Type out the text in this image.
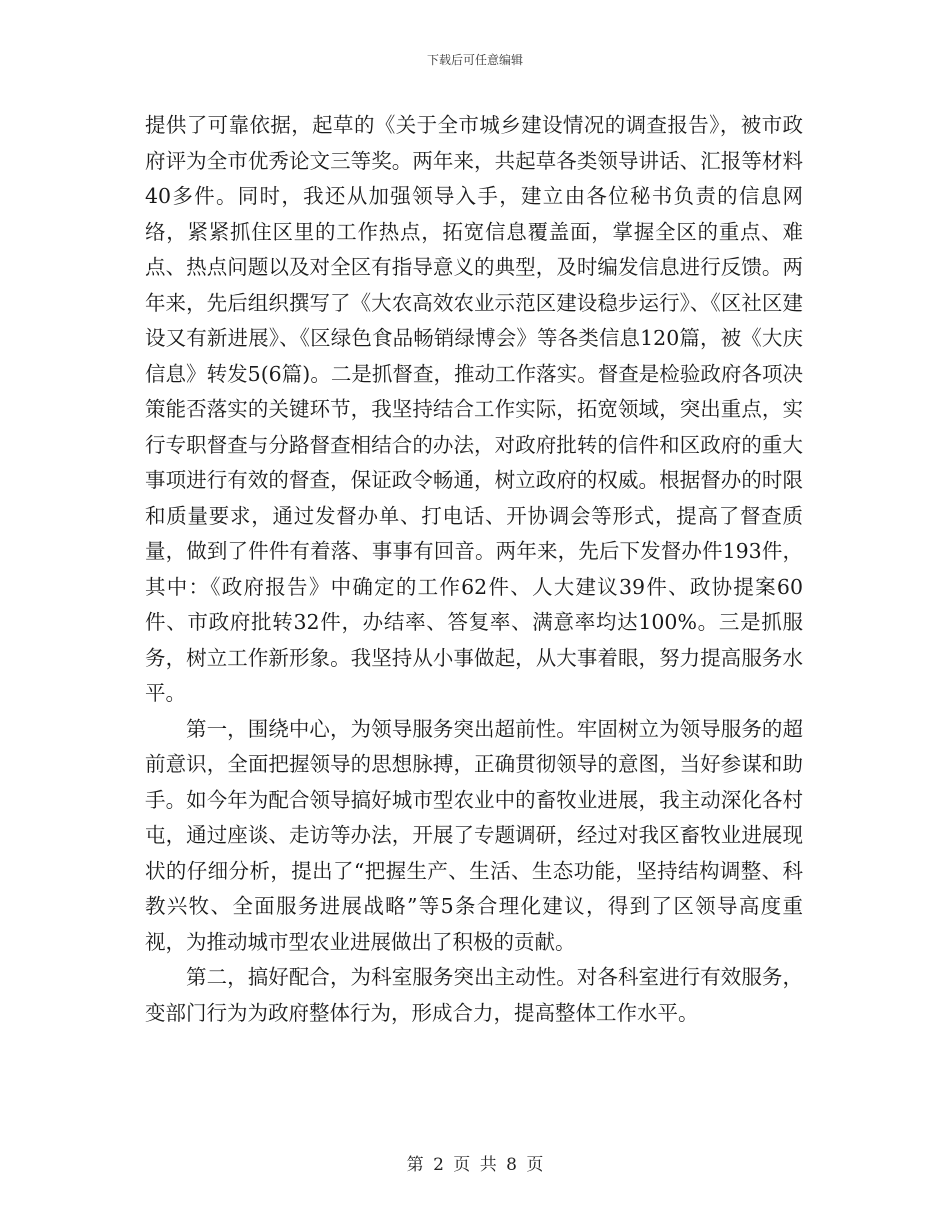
下载后可任意编辑

提供了可靠依据，起草的《关于全市城乡建设情况的调查报告》，被市政府评为全市优秀论文三等奖。两年来，共起草各类领导讲话、汇报等材料40多件。同时，我还从加强领导入手，建立由各位秘书负责的信息网络，紧紧抓住区里的工作热点，拓宽信息覆盖面，掌握全区的重点、难点、热点问题以及对全区有指导意义的典型，及时编发信息进行反馈。两年来，先后组织撰写了《大农高效农业示范区建设稳步运行》、《区社区建设又有新进展》、《区绿色食品畅销绿博会》等各类信息120篇，被《大庆信息》转发5(6篇)。二是抓督查，推动工作落实。督查是检验政府各项决策能否落实的关键环节，我坚持结合工作实际，拓宽领域，突出重点，实行专职督查与分路督查相结合的办法，对政府批转的信件和区政府的重大事项进行有效的督查，保证政令畅通，树立政府的权威。根据督办的时限和质量要求，通过发督办单、打电话、开协调会等形式，提高了督查质量，做到了件件有着落、事事有回音。两年来，先后下发督办件193件，其中：《政府报告》中确定的工作62件、人大建议39件、政协提案60件、市政府批转32件，办结率、答复率、满意率均达100%。三是抓服务，树立工作新形象。我坚持从小事做起，从大事着眼，努力提高服务水平。

第一，围绕中心，为领导服务突出超前性。牢固树立为领导服务的超前意识，全面把握领导的思想脉搏，正确贯彻领导的意图，当好参谋和助手。如今年为配合领导搞好城市型农业中的畜牧业进展，我主动深化各村屯，通过座谈、走访等办法，开展了专题调研，经过对我区畜牧业进展现状的仔细分析，提出了“把握生产、生活、生态功能，坚持结构调整、科教兴牧、全面服务进展战略”等5条合理化建议，得到了区领导高度重视，为推动城市型农业进展做出了积极的贡献。

第二，搞好配合，为科室服务突出主动性。对各科室进行有效服务，变部门行为为政府整体行为，形成合力，提高整体工作水平。

第 2 页 共 8 页
